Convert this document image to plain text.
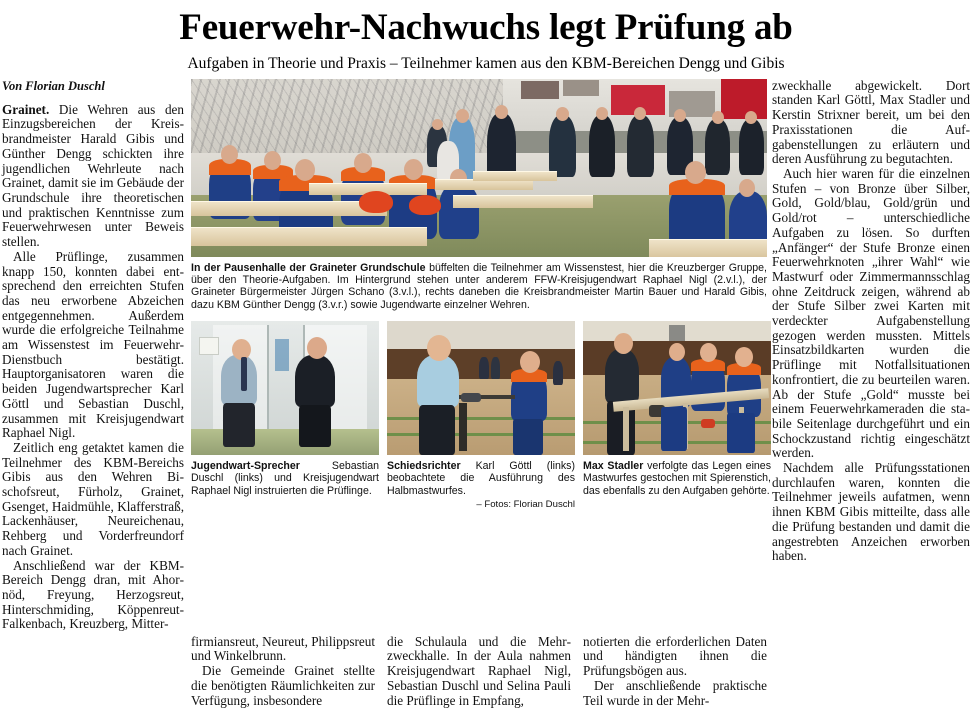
Feuerwehr-Nachwuchs legt Prüfung ab
Aufgaben in Theorie und Praxis – Teilnehmer kamen aus den KBM-Bereichen Dengg und Gibis
Von Florian Duschl

Grainet. Die Wehren aus den Einzugsbereichen der Kreisbrandmeister Harald Gibis und Günther Dengg schickten ihre jugendlichen Wehrleute nach Grainet, damit sie im Gebäude der Grundschule ihre theoretischen und praktischen Kenntnisse zum Feuerwehrwesen unter Beweis stellen.

Alle Prüflinge, zusammen knapp 150, konnten dabei entsprechend den erreichten Stufen das neu erworbene Abzeichen entgegennehmen. Außerdem wurde die erfolgreiche Teilnahme am Wissenstest im Feuerwehr-Dienstbuch bestätigt. Hauptorganisatoren waren die beiden Jugendwartsprecher Karl Göttl und Sebastian Duschl, zusammen mit Kreisjugendwart Raphael Nigl.

Zeitlich eng getaktet kamen die Teilnehmer des KBM-Bereichs Gibis aus den Wehren Bischofsreut, Fürholz, Grainet, Gsenget, Haidmühle, Klafferstraß, Lackenhäuser, Neureichenau, Rehberg und Vorderfreundorf nach Grainet.

Anschließend war der KBM-Bereich Dengg dran, mit Ahornöd, Freyung, Herzogsreut, Hinterschmiding, Köppenreut-Falkenbach, Kreuzberg, Mitter-

In der Pausenhalle der Graineter Grundschule büffelten die Teilnehmer am Wissenstest, hier die Kreuzberger Gruppe, über den Theorie-Aufgaben. Im Hintergrund stehen unter anderem FFW-Kreisjugendwart Raphael Nigl (2.v.l.), der Graineter Bürgermeister Jürgen Schano (3.v.l.), rechts daneben die Kreisbrandmeister Martin Bauer und Harald Gibis, dazu KBM Günther Dengg (3.v.r.) sowie Jugendwarte einzelner Wehren.

Jugendwart-Sprecher Sebastian Duschl (links) und Kreisjugendwart Raphael Nigl instruierten die Prüflinge.

Schiedsrichter Karl Göttl (links) beobachtete die Ausführung des Halbmastwurfes.

– Fotos: Florian Duschl

Max Stadler verfolgte das Legen eines Mastwurfes gestochen mit Spierenstich, das ebenfalls zu den Aufgaben gehörte.

firmiansreut, Neureut, Philippsreut und Winkelbrunn.

Die Gemeinde Grainet stellte die benötigten Räumlichkeiten zur Verfügung, insbesondere

die Schulaula und die Mehrzweckhalle. In der Aula nahmen Kreisjugendwart Raphael Nigl, Sebastian Duschl und Selina Pauli die Prüflinge in Empfang,

notierten die erforderlichen Daten und händigten ihnen die Prüfungsbögen aus.

Der anschließende praktische Teil wurde in der Mehr-

zweckhalle abgewickelt. Dort standen Karl Göttl, Max Stadler und Kerstin Strixner bereit, um bei den Praxisstationen die Aufgabenstellungen zu erläutern und deren Ausführung zu begutachten.

Auch hier waren für die einzelnen Stufen – von Bronze über Silber, Gold, Gold/blau, Gold/grün und Gold/rot – unterschiedliche Aufgaben zu lösen. So durften „Anfänger“ der Stufe Bronze einen Feuerwehrknoten „ihrer Wahl“ wie Mastwurf oder Zimmermannsschlag ohne Zeitdruck zeigen, während ab der Stufe Silber zwei Karten mit verdeckter Aufgabenstellung gezogen werden mussten. Mittels Einsatzbildkarten wurden die Prüflinge mit Notfallsituationen konfrontiert, die zu beurteilen waren. Ab der Stufe „Gold“ musste bei einem Feuerwehrkameraden die stabile Seitenlage durchgeführt und ein Schockzustand richtig eingeschätzt werden.

Nachdem alle Prüfungsstationen durchlaufen waren, konnten die Teilnehmer jeweils aufatmen, wenn ihnen KBM Gibis mitteilte, dass alle die Prüfung bestanden und damit die angestrebten Anzeichen erworben haben.
